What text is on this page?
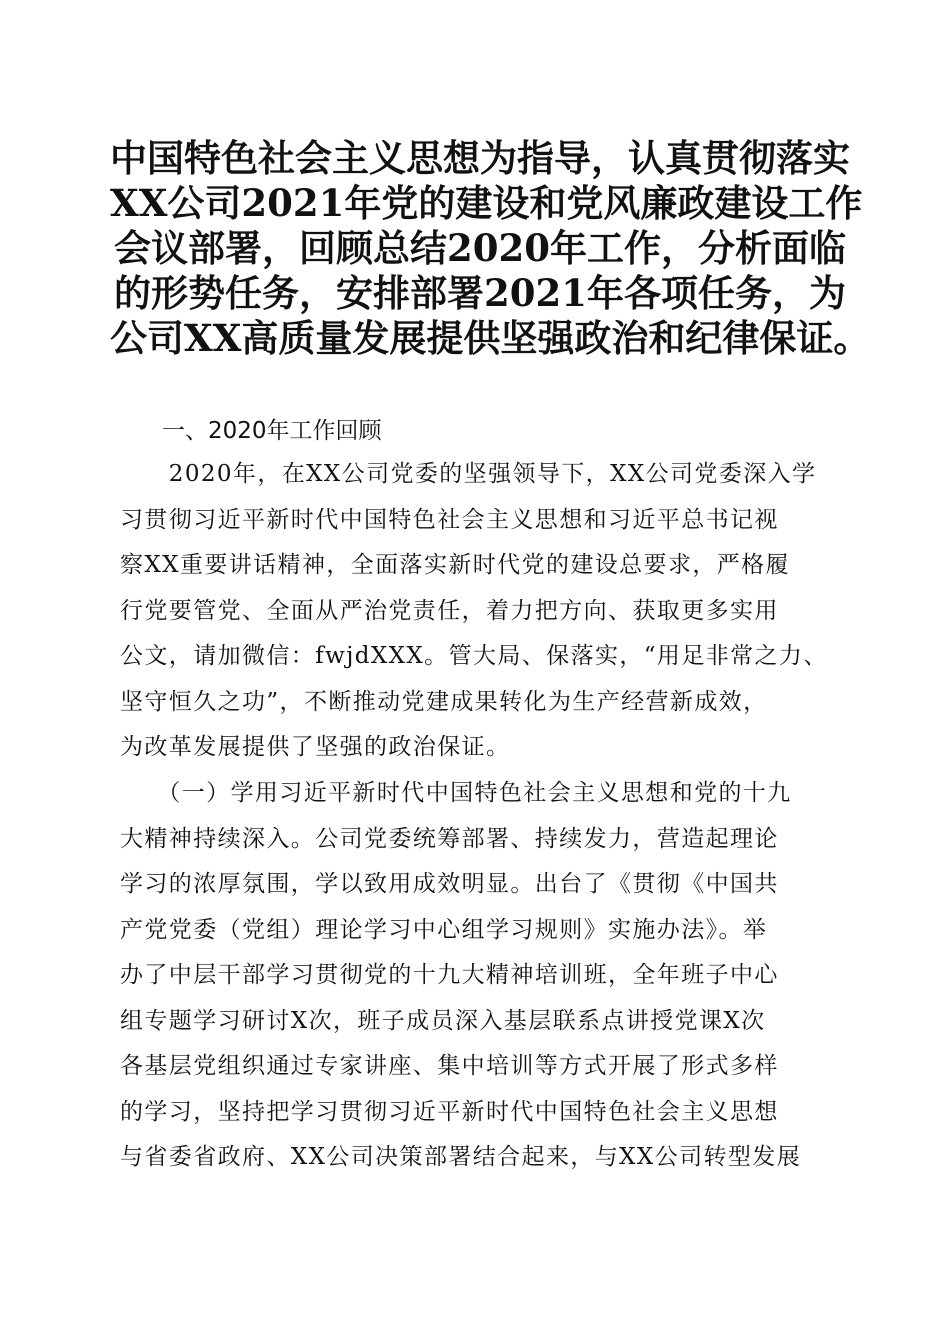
中国特色社会主义思想为指导，认真贯彻落实
XX公司2021年党的建设和党风廉政建设工作
会议部署，回顾总结2020年工作，分析面临
的形势任务，安排部署2021年各项任务，为
公司XX高质量发展提供坚强政治和纪律保证。
一、2020年工作回顾
　　2020年，在XX公司党委的坚强领导下，XX公司党委深入学
习贯彻习近平新时代中国特色社会主义思想和习近平总书记视
察XX重要讲话精神，全面落实新时代党的建设总要求，严格履
行党要管党、全面从严治党责任，着力把方向、获取更多实用
公文，请加微信：fwjdXXX。管大局、保落实，“用足非常之力、
坚守恒久之功”，不断推动党建成果转化为生产经营新成效，
为改革发展提供了坚强的政治保证。
　　（一）学用习近平新时代中国特色社会主义思想和党的十九
大精神持续深入。公司党委统筹部署、持续发力，营造起理论
学习的浓厚氛围，学以致用成效明显。出台了《贯彻《中国共
产党党委（党组）理论学习中心组学习规则》实施办法》。举
办了中层干部学习贯彻党的十九大精神培训班，全年班子中心
组专题学习研讨X次，班子成员深入基层联系点讲授党课X次
各基层党组织通过专家讲座、集中培训等方式开展了形式多样
的学习，坚持把学习贯彻习近平新时代中国特色社会主义思想
与省委省政府、XX公司决策部署结合起来，与XX公司转型发展
